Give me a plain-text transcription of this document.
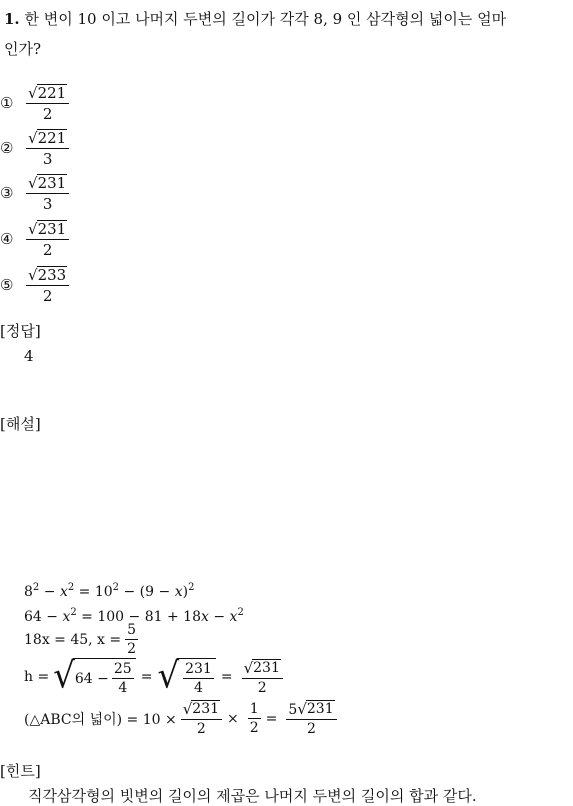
1. 한 변이 10 이고 나머지 두변의 길이가 각각 8, 9 인 삼각형의 넓이는 얼마
인가?
① $\frac{√ 221}{2}$
② $\frac{√ 221}{3}$
③ $\frac{√ 231}{3}$
④ $\frac{√ 231}{2}$
⑤ $\frac{√ 233}{2}$
[정답]
4
[해설]
$8^2 - x^2 = 10^2 - (9 - x)^2$
$64 - x^2 = 100 - 81 + 18x - x^2$
18x = 45, $x = \frac{5}{2}$
h = √ $64 - \frac{25}{4}$ = √ $\frac{231}{4} = \frac{√ 231}{2}$
(△ABC의 넓이) = $10 \times \frac{√ 231}{2} \times \frac{1}{2} = \frac{5 √ 231}{2}$
[힌트]
직각삼각형의 빗변의 길이의 제곱은 나머지 두변의 길이의 합과 같다.
